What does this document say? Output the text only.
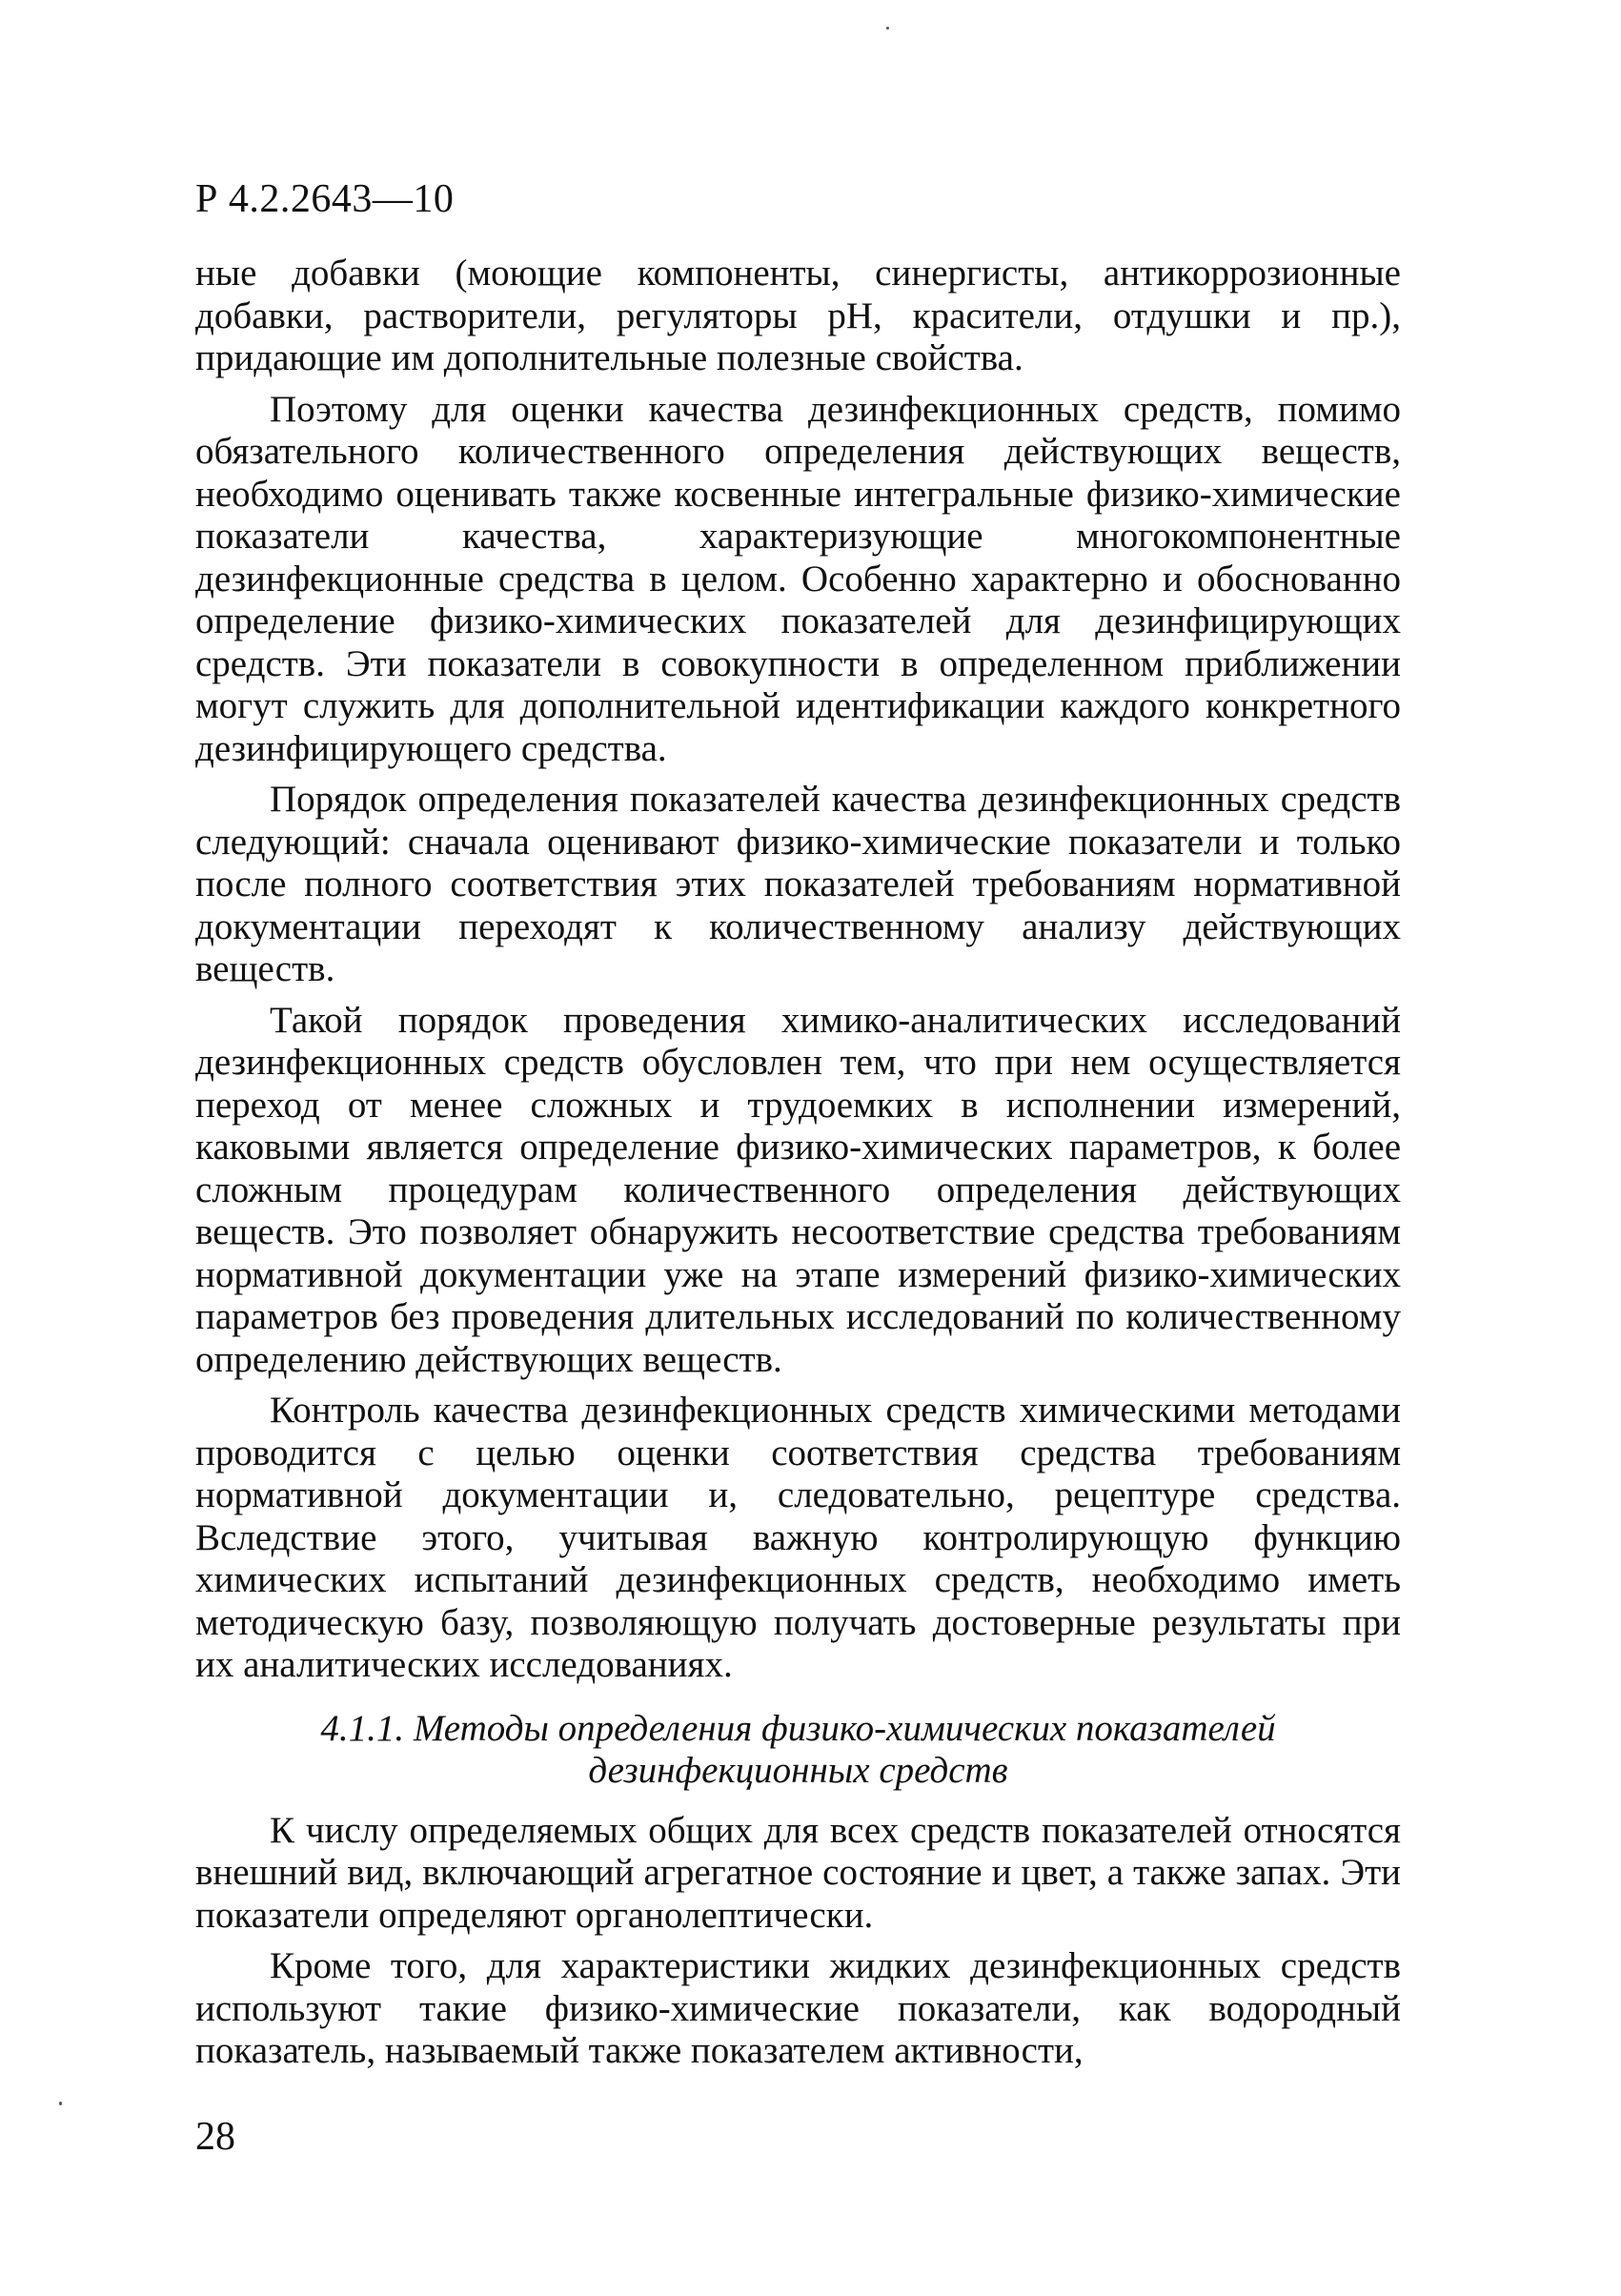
Р 4.2.2643—10

ные добавки (моющие компоненты, синергисты, антикоррозионные добавки, растворители, регуляторы рН, красители, отдушки и пр.), придающие им дополнительные полезные свойства.

Поэтому для оценки качества дезинфекционных средств, помимо обязательного количественного определения действующих веществ, необходимо оценивать также косвенные интегральные физико-химические показатели качества, характеризующие многокомпонентные дезинфекционные средства в целом. Особенно характерно и обоснованно определение физико-химических показателей для дезинфицирующих средств. Эти показатели в совокупности в определенном приближении могут служить для дополнительной идентификации каждого конкретного дезинфицирующего средства.

Порядок определения показателей качества дезинфекционных средств следующий: сначала оценивают физико-химические показатели и только после полного соответствия этих показателей требованиям нормативной документации переходят к количественному анализу действующих веществ.

Такой порядок проведения химико-аналитических исследований дезинфекционных средств обусловлен тем, что при нем осуществляется переход от менее сложных и трудоемких в исполнении измерений, каковыми является определение физико-химических параметров, к более сложным процедурам количественного определения действующих веществ. Это позволяет обнаружить несоответствие средства требованиям нормативной документации уже на этапе измерений физико-химических параметров без проведения длительных исследований по количественному определению действующих веществ.

Контроль качества дезинфекционных средств химическими методами проводится с целью оценки соответствия средства требованиям нормативной документации и, следовательно, рецептуре средства. Вследствие этого, учитывая важную контролирующую функцию химических испытаний дезинфекционных средств, необходимо иметь методическую базу, позволяющую получать достоверные результаты при их аналитических исследованиях.

4.1.1. Методы определения физико-химических показателей
дезинфекционных средств

К числу определяемых общих для всех средств показателей относятся внешний вид, включающий агрегатное состояние и цвет, а также запах. Эти показатели определяют органолептически.

Кроме того, для характеристики жидких дезинфекционных средств используют такие физико-химические показатели, как водородный показатель, называемый также показателем активности,

28
